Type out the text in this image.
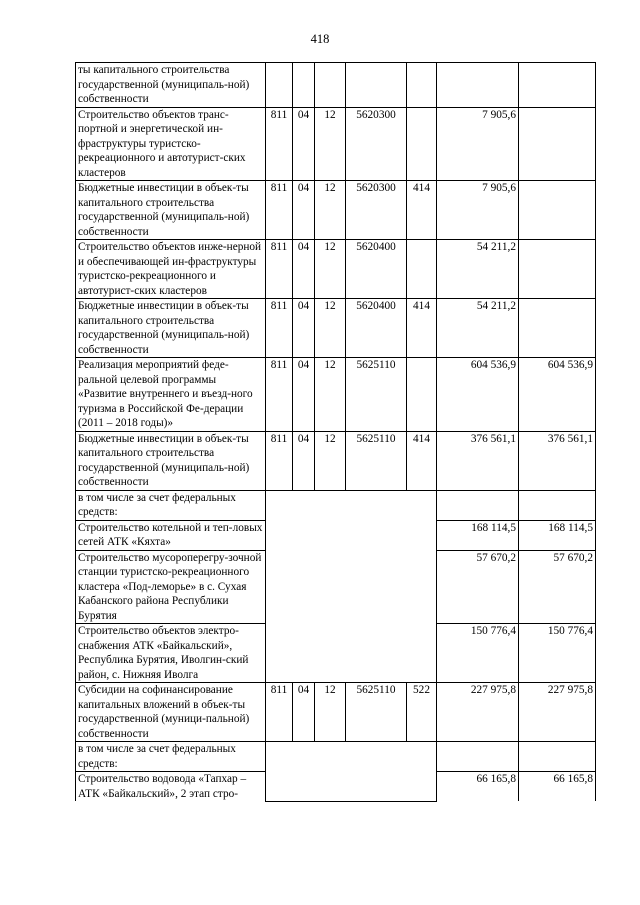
418
ты капитального строительства государственной (муниципаль-ной) собственности							
Строительство объектов транс-портной и энергетической ин-фраструктуры туристско-рекреационного и автотурист-ских кластеров	811	04	12	5620300		7 905,6	
Бюджетные инвестиции в объек-ты капитального строительства государственной (муниципаль-ной) собственности	811	04	12	5620300	414	7 905,6	
Строительство объектов инже-нерной и обеспечивающей ин-фраструктуры туристско-рекреационного и автотурист-ских кластеров	811	04	12	5620400		54 211,2	
Бюджетные инвестиции в объек-ты капитального строительства государственной (муниципаль-ной) собственности	811	04	12	5620400	414	54 211,2	
Реализация мероприятий феде-ральной целевой программы «Развитие внутреннего и въезд-ного туризма в Российской Фе-дерации (2011 – 2018 годы)»	811	04	12	5625110		604 536,9	604 536,9
Бюджетные инвестиции в объек-ты капитального строительства государственной (муниципаль-ной) собственности	811	04	12	5625110	414	376 561,1	376 561,1
в том числе за счет федеральных средств:							
Строительство котельной и теп-ловых сетей АТК «Кяхта»						168 114,5	168 114,5
Строительство мусороперегру-зочной станции туристско-рекреационного кластера «Под-леморье» в с. Сухая Кабанского района Республики Бурятия						57 670,2	57 670,2
Строительство объектов электро-снабжения АТК «Байкальский», Республика Бурятия, Иволгин-ский район, с. Нижняя Иволга						150 776,4	150 776,4
Субсидии на софинансирование капитальных вложений в объек-ты государственной (муници-пальной) собственности	811	04	12	5625110	522	227 975,8	227 975,8
в том числе за счет федеральных средств:							
Строительство водовода «Тапхар – АТК «Байкальский», 2 этап стро-						66 165,8	66 165,8
